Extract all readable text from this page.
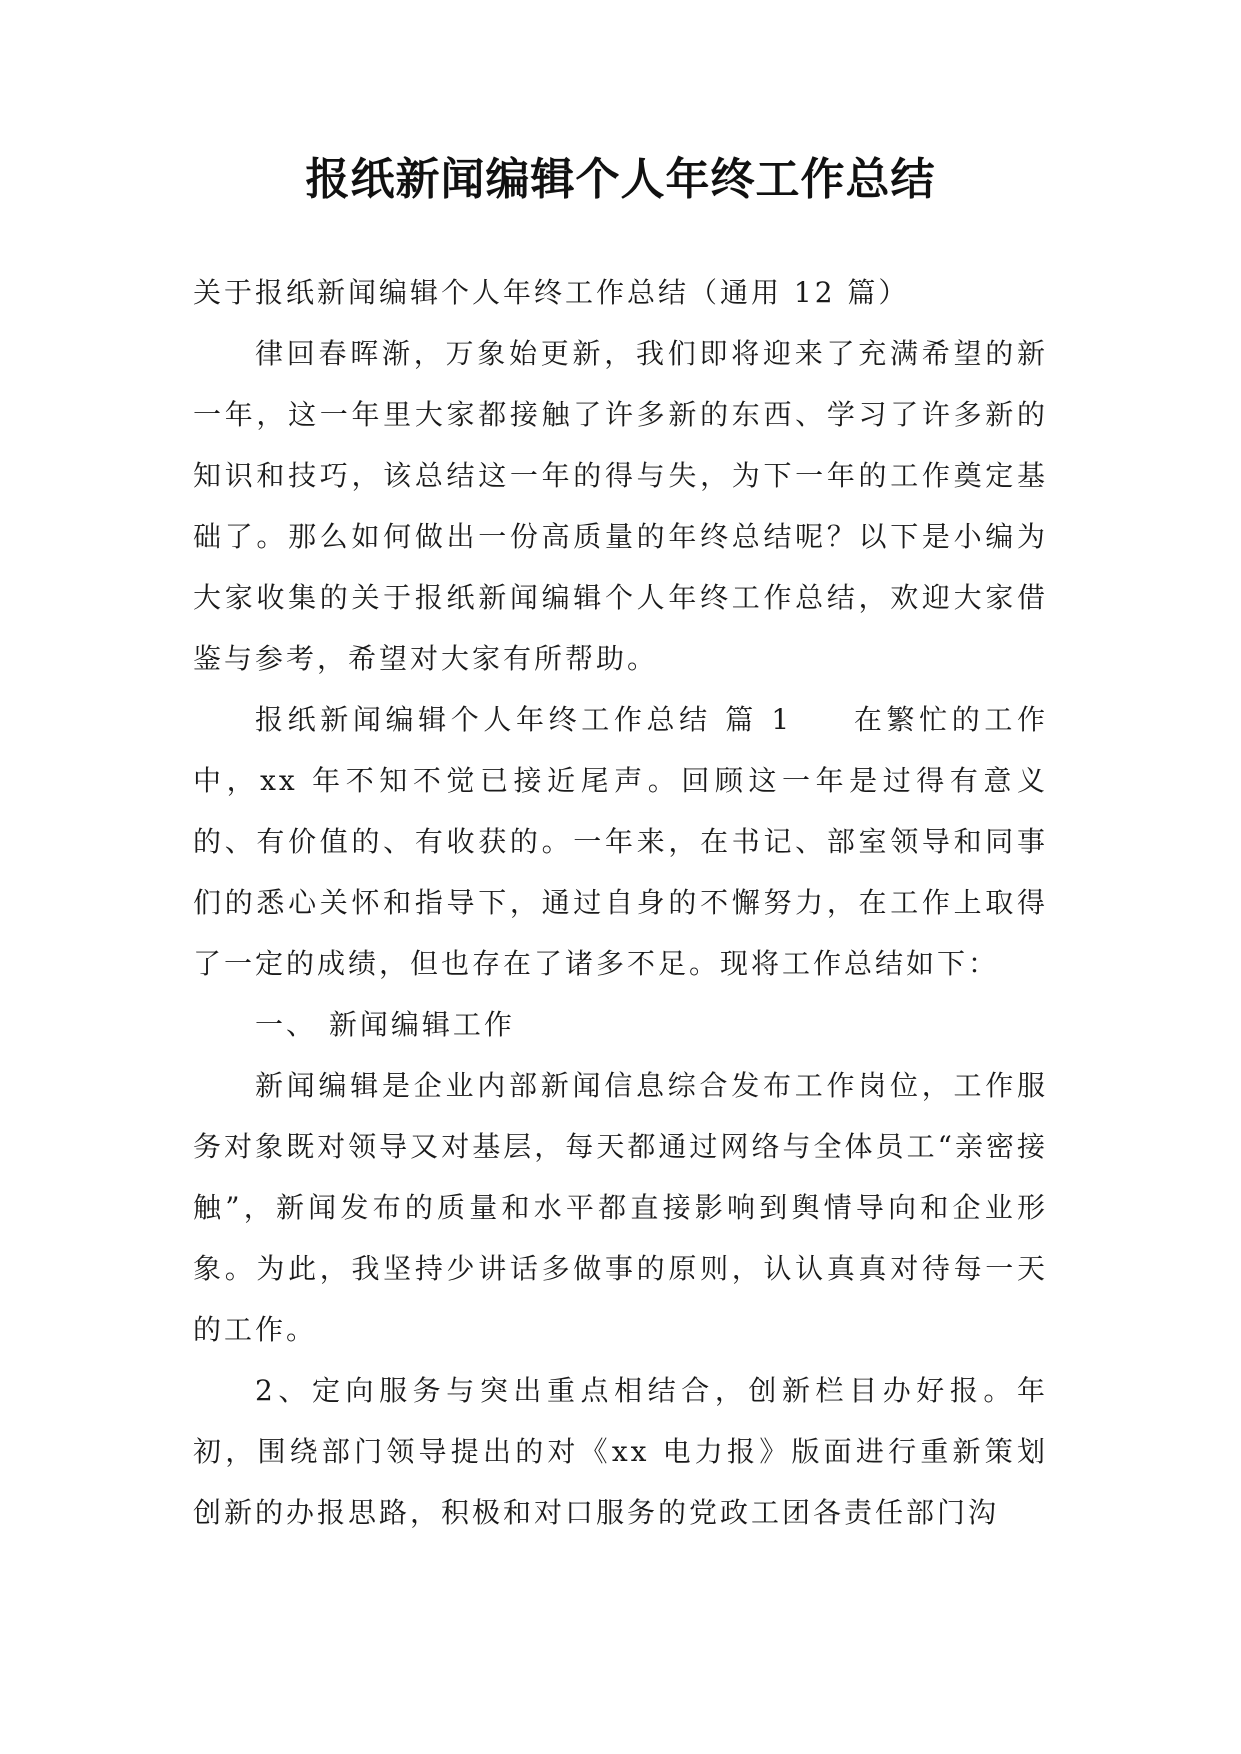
报纸新闻编辑个人年终工作总结

关于报纸新闻编辑个人年终工作总结（通用 12 篇）

律回春晖渐，万象始更新，我们即将迎来了充满希望的新一年，这一年里大家都接触了许多新的东西、学习了许多新的知识和技巧，该总结这一年的得与失，为下一年的工作奠定基础了。那么如何做出一份高质量的年终总结呢？以下是小编为大家收集的关于报纸新闻编辑个人年终工作总结，欢迎大家借鉴与参考，希望对大家有所帮助。

报纸新闻编辑个人年终工作总结 篇 1 在繁忙的工作中，xx 年不知不觉已接近尾声。回顾这一年是过得有意义的、有价值的、有收获的。一年来，在书记、部室领导和同事们的悉心关怀和指导下，通过自身的不懈努力，在工作上取得了一定的成绩，但也存在了诸多不足。现将工作总结如下：

一、 新闻编辑工作

新闻编辑是企业内部新闻信息综合发布工作岗位，工作服务对象既对领导又对基层，每天都通过网络与全体员工“亲密接触”，新闻发布的质量和水平都直接影响到舆情导向和企业形象。为此，我坚持少讲话多做事的原则，认认真真对待每一天的工作。

2、定向服务与突出重点相结合，创新栏目办好报。年初，围绕部门领导提出的对《xx 电力报》版面进行重新策划创新的办报思路，积极和对口服务的党政工团各责任部门沟
